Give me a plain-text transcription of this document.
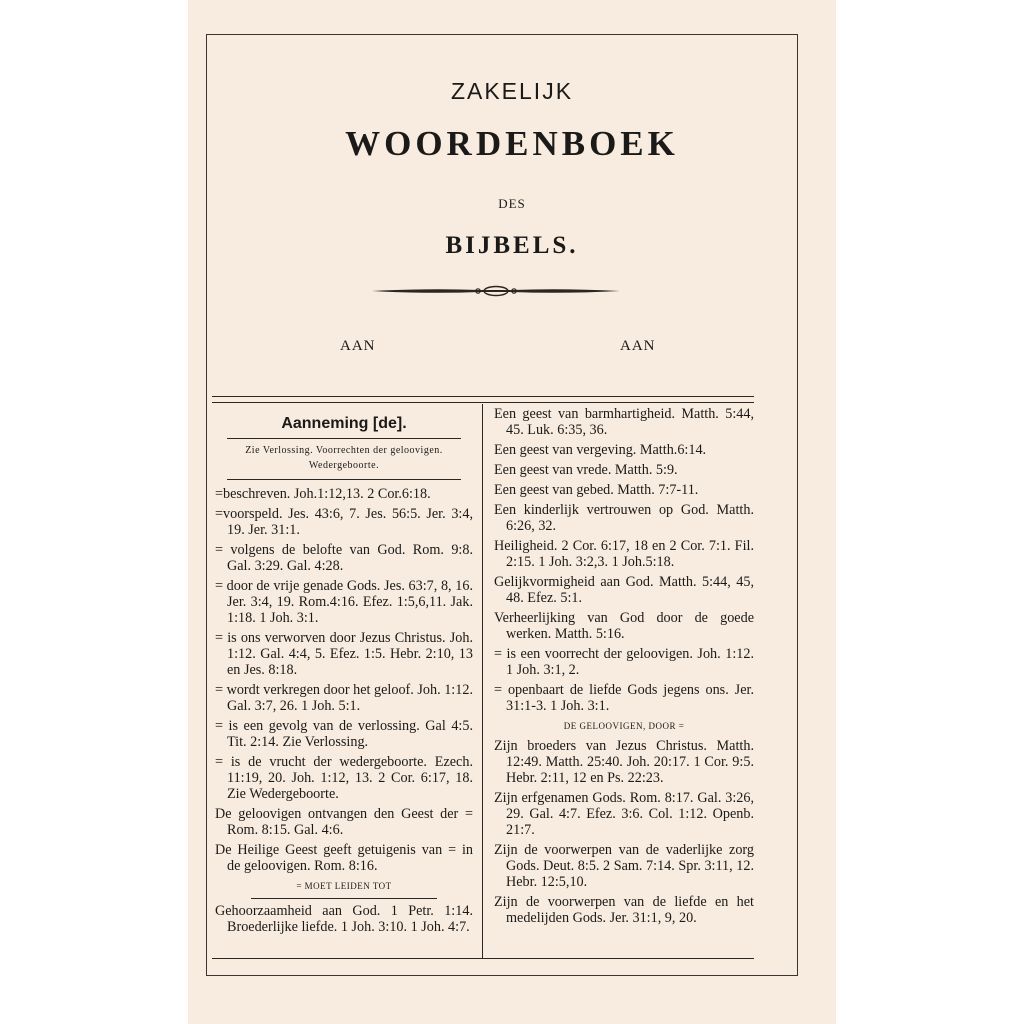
ZAKELIJK
WOORDENBOEK
DES
BIJBELS.
AAN	AAN
Aanneming [de].
Zie Verlossing. Voorrechten der geloovigen. Wedergeboorte.
=beschreven. Joh.1:12,13. 2 Cor.6:18.
=voorspeld. Jes. 43:6, 7. Jes. 56:5. Jer. 3:4, 19. Jer. 31:1.
= volgens de belofte van God. Rom. 9:8. Gal. 3:29. Gal. 4:28.
= door de vrije genade Gods. Jes. 63:7, 8, 16. Jer. 3:4, 19. Rom.4:16. Efez. 1:5,6,11. Jak. 1:18. 1 Joh. 3:1.
= is ons verworven door Jezus Christus. Joh. 1:12. Gal. 4:4, 5. Efez. 1:5. Hebr. 2:10, 13 en Jes. 8:18.
= wordt verkregen door het geloof. Joh. 1:12. Gal. 3:7, 26. 1 Joh. 5:1.
= is een gevolg van de verlossing. Gal 4:5. Tit. 2:14. Zie Verlossing.
= is de vrucht der wedergeboorte. Ezech. 11:19, 20. Joh. 1:12, 13. 2 Cor. 6:17, 18. Zie Wedergeboorte.
De geloovigen ontvangen den Geest der = Rom. 8:15. Gal. 4:6.
De Heilige Geest geeft getuigenis van = in de geloovigen. Rom. 8:16.
= MOET LEIDEN TOT
Gehoorzaamheid aan God. 1 Petr. 1:14. Broederlijke liefde. 1 Joh. 3:10. 1 Joh. 4:7.
Een geest van barmhartigheid. Matth. 5:44, 45. Luk. 6:35, 36.
Een geest van vergeving. Matth.6:14.
Een geest van vrede. Matth. 5:9.
Een geest van gebed. Matth. 7:7-11.
Een kinderlijk vertrouwen op God. Matth. 6:26, 32.
Heiligheid. 2 Cor. 6:17, 18 en 2 Cor. 7:1. Fil. 2:15. 1 Joh. 3:2,3. 1 Joh.5:18.
Gelijkvormigheid aan God. Matth. 5:44, 45, 48. Efez. 5:1.
Verheerlijking van God door de goede werken. Matth. 5:16.
= is een voorrecht der geloovigen. Joh. 1:12. 1 Joh. 3:1, 2.
= openbaart de liefde Gods jegens ons. Jer. 31:1-3. 1 Joh. 3:1.
DE GELOOVIGEN, DOOR =
Zijn broeders van Jezus Christus. Matth. 12:49. Matth. 25:40. Joh. 20:17. 1 Cor. 9:5. Hebr. 2:11, 12 en Ps. 22:23.
Zijn erfgenamen Gods. Rom. 8:17. Gal. 3:26, 29. Gal. 4:7. Efez. 3:6. Col. 1:12. Openb. 21:7.
Zijn de voorwerpen van de vaderlijke zorg Gods. Deut. 8:5. 2 Sam. 7:14. Spr. 3:11, 12. Hebr. 12:5,10.
Zijn de voorwerpen van de liefde en het medelijden Gods. Jer. 31:1, 9, 20.
